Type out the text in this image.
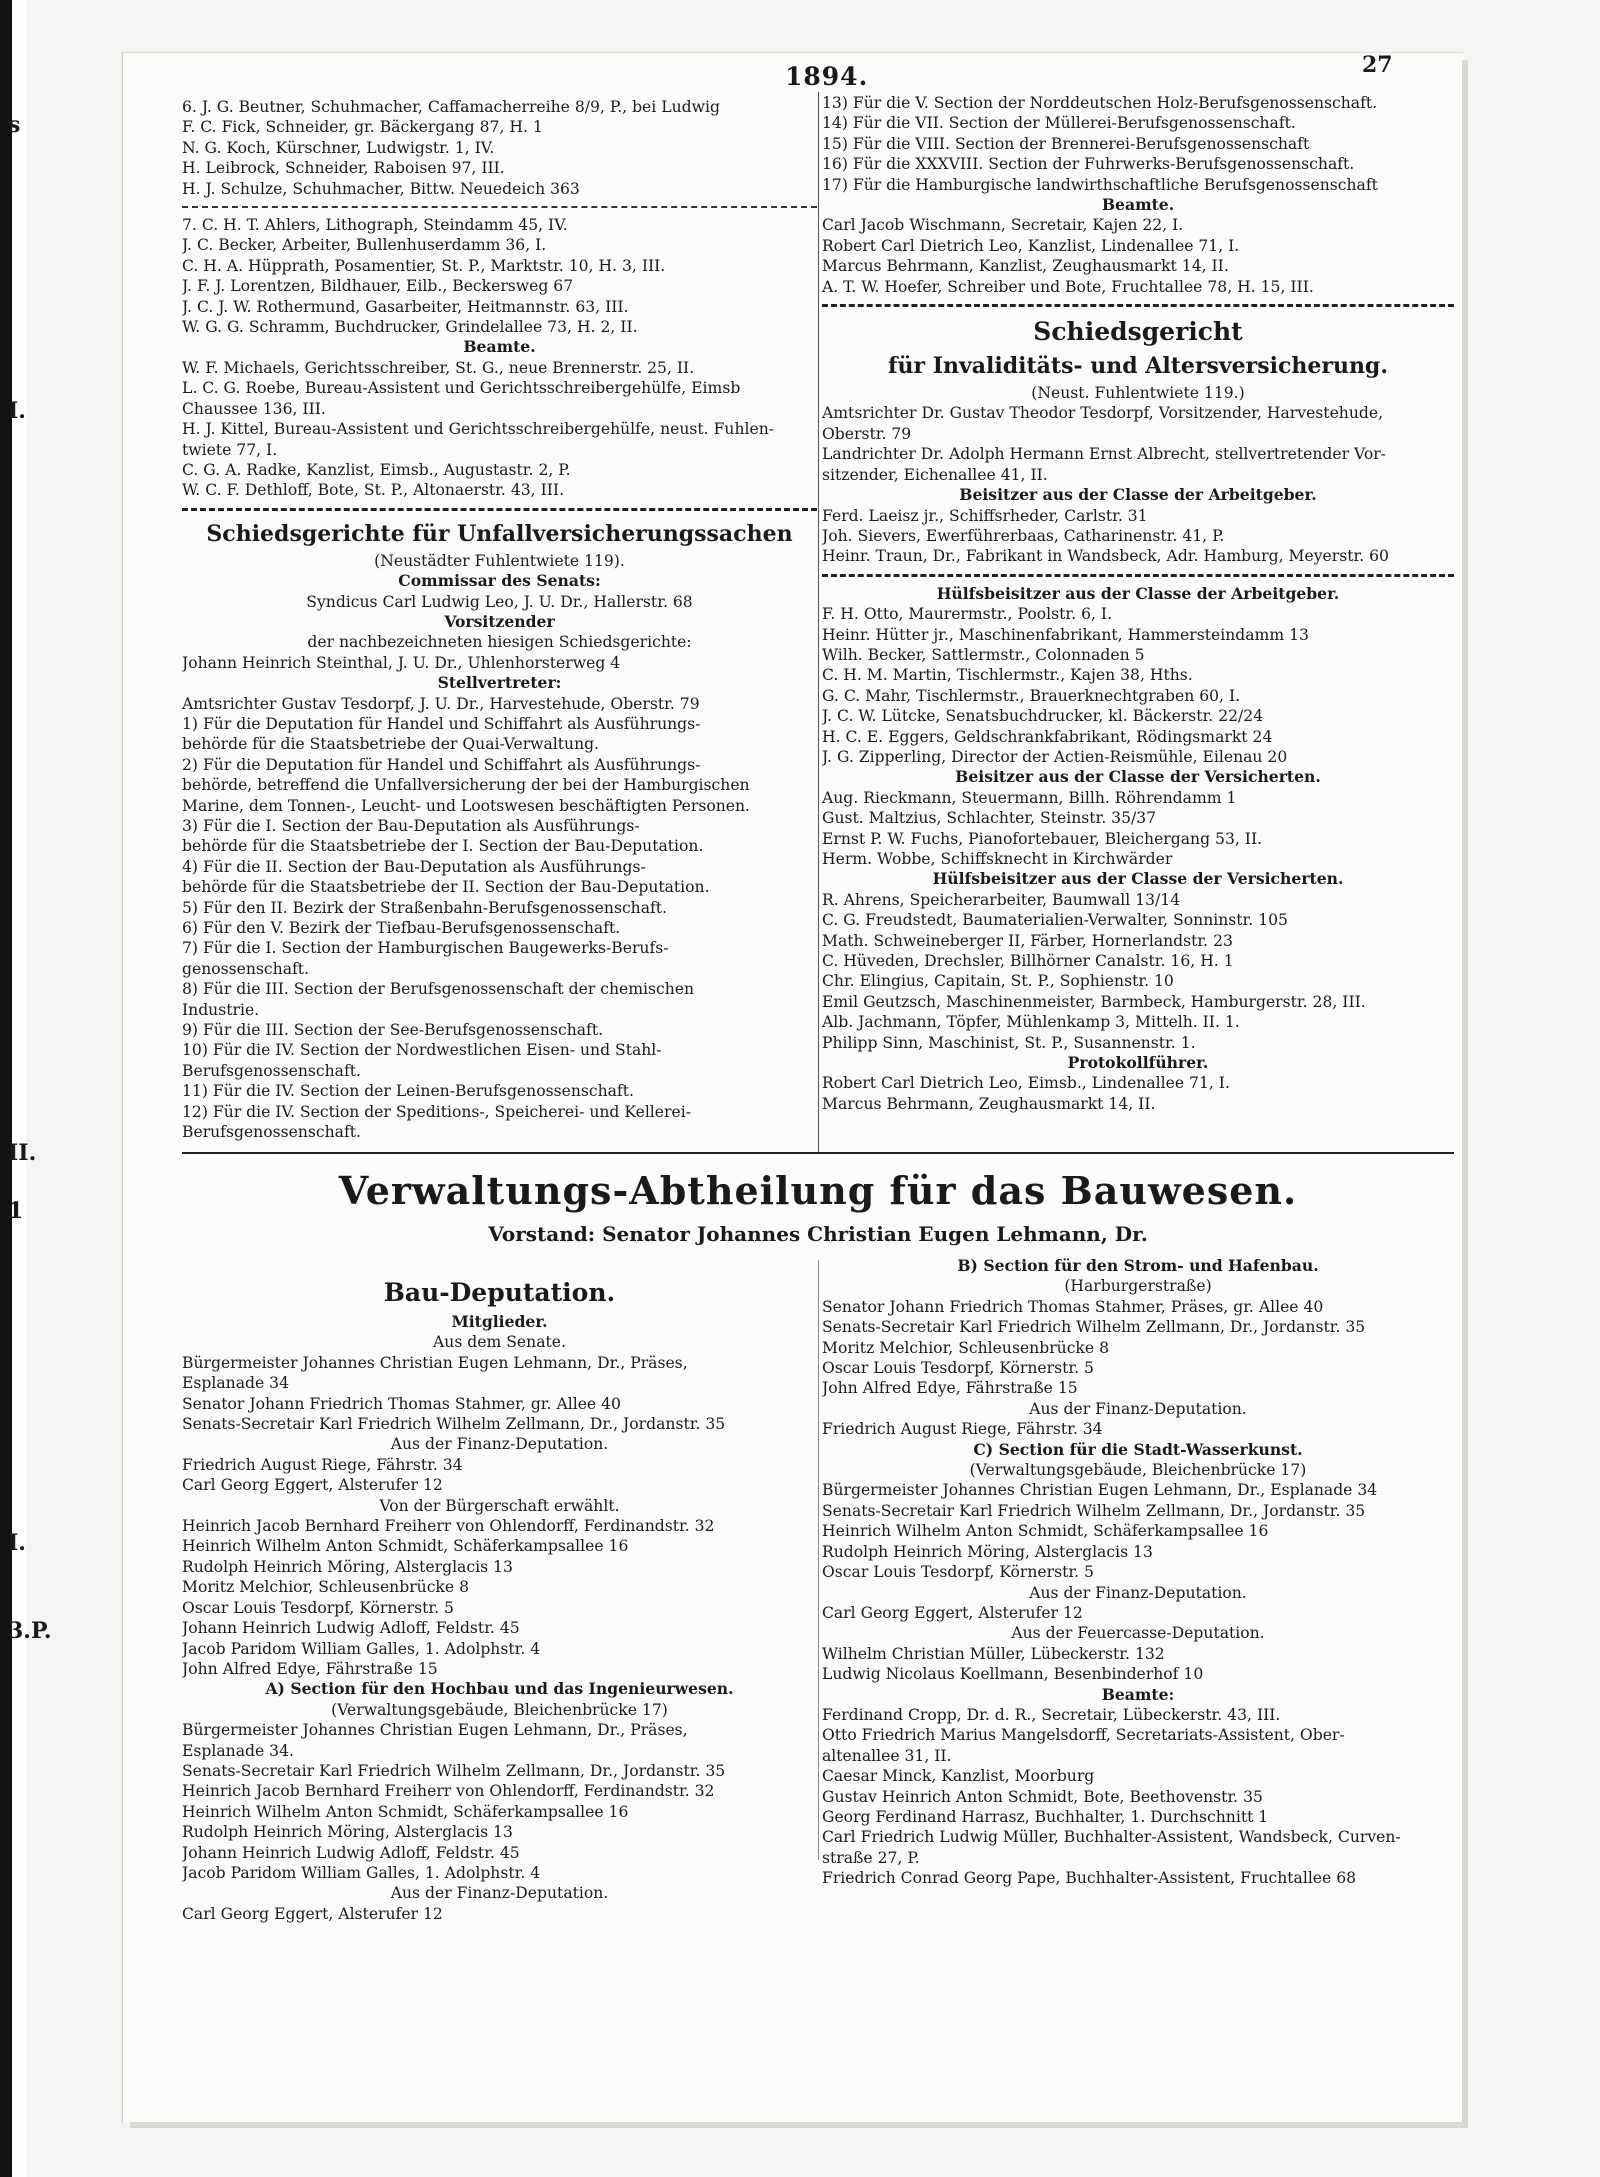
s
I.
II.
1
I.
3.P.
1894.	27
6. J. G. Beutner, Schuhmacher, Caffamacherreihe 8/9, P., bei Ludwig
F. C. Fick, Schneider, gr. Bäckergang 87, H. 1
N. G. Koch, Kürschner, Ludwigstr. 1, IV.
H. Leibrock, Schneider, Raboisen 97, III.
H. J. Schulze, Schuhmacher, Bittw. Neuedeich 363
7. C. H. T. Ahlers, Lithograph, Steindamm 45, IV.
J. C. Becker, Arbeiter, Bullenhuserdamm 36, I.
C. H. A. Hüpprath, Posamentier, St. P., Marktstr. 10, H. 3, III.
J. F. J. Lorentzen, Bildhauer, Eilb., Beckersweg 67
J. C. J. W. Rothermund, Gasarbeiter, Heitmannstr. 63, III.
W. G. G. Schramm, Buchdrucker, Grindelallee 73, H. 2, II.
Beamte.
W. F. Michaels, Gerichtsschreiber, St. G., neue Brennerstr. 25, II.
L. C. G. Roebe, Bureau-Assistent und Gerichtsschreibergehülfe, Eimsb
Chaussee 136, III.
H. J. Kittel, Bureau-Assistent und Gerichtsschreibergehülfe, neust. Fuhlen-
twiete 77, I.
C. G. A. Radke, Kanzlist, Eimsb., Augustastr. 2, P.
W. C. F. Dethloff, Bote, St. P., Altonaerstr. 43, III.
Schiedsgerichte für Unfallversicherungssachen
(Neustädter Fuhlentwiete 119).
Commissar des Senats:
Syndicus Carl Ludwig Leo, J. U. Dr., Hallerstr. 68
Vorsitzender
der nachbezeichneten hiesigen Schiedsgerichte:
Johann Heinrich Steinthal, J. U. Dr., Uhlenhorsterweg 4
Stellvertreter:
Amtsrichter Gustav Tesdorpf, J. U. Dr., Harvestehude, Oberstr. 79
1) Für die Deputation für Handel und Schiffahrt als Ausführungs-
behörde für die Staatsbetriebe der Quai-Verwaltung.
2) Für die Deputation für Handel und Schiffahrt als Ausführungs-
behörde, betreffend die Unfallversicherung der bei der Hamburgischen
Marine, dem Tonnen-, Leucht- und Lootswesen beschäftigten Personen.
3) Für die I. Section der Bau-Deputation als Ausführungs-
behörde für die Staatsbetriebe der I. Section der Bau-Deputation.
4) Für die II. Section der Bau-Deputation als Ausführungs-
behörde für die Staatsbetriebe der II. Section der Bau-Deputation.
5) Für den II. Bezirk der Straßenbahn-Berufsgenossenschaft.
6) Für den V. Bezirk der Tiefbau-Berufsgenossenschaft.
7) Für die I. Section der Hamburgischen Baugewerks-Berufs-
genossenschaft.
8) Für die III. Section der Berufsgenossenschaft der chemischen
Industrie.
9) Für die III. Section der See-Berufsgenossenschaft.
10) Für die IV. Section der Nordwestlichen Eisen- und Stahl-
Berufsgenossenschaft.
11) Für die IV. Section der Leinen-Berufsgenossenschaft.
12) Für die IV. Section der Speditions-, Speicherei- und Kellerei-
Berufsgenossenschaft.
13) Für die V. Section der Norddeutschen Holz-Berufsgenossenschaft.
14) Für die VII. Section der Müllerei-Berufsgenossenschaft.
15) Für die VIII. Section der Brennerei-Berufsgenossenschaft
16) Für die XXXVIII. Section der Fuhrwerks-Berufsgenossenschaft.
17) Für die Hamburgische landwirthschaftliche Berufsgenossenschaft
Beamte.
Carl Jacob Wischmann, Secretair, Kajen 22, I.
Robert Carl Dietrich Leo, Kanzlist, Lindenallee 71, I.
Marcus Behrmann, Kanzlist, Zeughausmarkt 14, II.
A. T. W. Hoefer, Schreiber und Bote, Fruchtallee 78, H. 15, III.
Schiedsgericht
für Invaliditäts- und Altersversicherung.
(Neust. Fuhlentwiete 119.)
Amtsrichter Dr. Gustav Theodor Tesdorpf, Vorsitzender, Harvestehude,
Oberstr. 79
Landrichter Dr. Adolph Hermann Ernst Albrecht, stellvertretender Vor-
sitzender, Eichenallee 41, II.
Beisitzer aus der Classe der Arbeitgeber.
Ferd. Laeisz jr., Schiffsrheder, Carlstr. 31
Joh. Sievers, Ewerführerbaas, Catharinenstr. 41, P.
Heinr. Traun, Dr., Fabrikant in Wandsbeck, Adr. Hamburg, Meyerstr. 60
Hülfsbeisitzer aus der Classe der Arbeitgeber.
F. H. Otto, Maurermstr., Poolstr. 6, I.
Heinr. Hütter jr., Maschinenfabrikant, Hammersteindamm 13
Wilh. Becker, Sattlermstr., Colonnaden 5
C. H. M. Martin, Tischlermstr., Kajen 38, Hths.
G. C. Mahr, Tischlermstr., Brauerknechtgraben 60, I.
J. C. W. Lütcke, Senatsbuchdrucker, kl. Bäckerstr. 22/24
H. C. E. Eggers, Geldschrankfabrikant, Rödingsmarkt 24
J. G. Zipperling, Director der Actien-Reismühle, Eilenau 20
Beisitzer aus der Classe der Versicherten.
Aug. Rieckmann, Steuermann, Billh. Röhrendamm 1
Gust. Maltzius, Schlachter, Steinstr. 35/37
Ernst P. W. Fuchs, Pianofortebauer, Bleichergang 53, II.
Herm. Wobbe, Schiffsknecht in Kirchwärder
Hülfsbeisitzer aus der Classe der Versicherten.
R. Ahrens, Speicherarbeiter, Baumwall 13/14
C. G. Freudstedt, Baumaterialien-Verwalter, Sonninstr. 105
Math. Schweineberger II, Färber, Hornerlandstr. 23
C. Hüveden, Drechsler, Billhörner Canalstr. 16, H. 1
Chr. Elingius, Capitain, St. P., Sophienstr. 10
Emil Geutzsch, Maschinenmeister, Barmbeck, Hamburgerstr. 28, III.
Alb. Jachmann, Töpfer, Mühlenkamp 3, Mittelh. II. 1.
Philipp Sinn, Maschinist, St. P., Susannenstr. 1.
Protokollführer.
Robert Carl Dietrich Leo, Eimsb., Lindenallee 71, I.
Marcus Behrmann, Zeughausmarkt 14, II.
Verwaltungs-Abtheilung für das Bauwesen.
Vorstand: Senator Johannes Christian Eugen Lehmann, Dr.
Bau-Deputation.
Mitglieder.
Aus dem Senate.
Bürgermeister Johannes Christian Eugen Lehmann, Dr., Präses,
Esplanade 34
Senator Johann Friedrich Thomas Stahmer, gr. Allee 40
Senats-Secretair Karl Friedrich Wilhelm Zellmann, Dr., Jordanstr. 35
Aus der Finanz-Deputation.
Friedrich August Riege, Fährstr. 34
Carl Georg Eggert, Alsterufer 12
Von der Bürgerschaft erwählt.
Heinrich Jacob Bernhard Freiherr von Ohlendorff, Ferdinandstr. 32
Heinrich Wilhelm Anton Schmidt, Schäferkampsallee 16
Rudolph Heinrich Möring, Alsterglacis 13
Moritz Melchior, Schleusenbrücke 8
Oscar Louis Tesdorpf, Körnerstr. 5
Johann Heinrich Ludwig Adloff, Feldstr. 45
Jacob Paridom William Galles, 1. Adolphstr. 4
John Alfred Edye, Fährstraße 15
A) Section für den Hochbau und das Ingenieurwesen.
(Verwaltungsgebäude, Bleichenbrücke 17)
Bürgermeister Johannes Christian Eugen Lehmann, Dr., Präses,
Esplanade 34.
Senats-Secretair Karl Friedrich Wilhelm Zellmann, Dr., Jordanstr. 35
Heinrich Jacob Bernhard Freiherr von Ohlendorff, Ferdinandstr. 32
Heinrich Wilhelm Anton Schmidt, Schäferkampsallee 16
Rudolph Heinrich Möring, Alsterglacis 13
Johann Heinrich Ludwig Adloff, Feldstr. 45
Jacob Paridom William Galles, 1. Adolphstr. 4
Aus der Finanz-Deputation.
Carl Georg Eggert, Alsterufer 12
B) Section für den Strom- und Hafenbau.
(Harburgerstraße)
Senator Johann Friedrich Thomas Stahmer, Präses, gr. Allee 40
Senats-Secretair Karl Friedrich Wilhelm Zellmann, Dr., Jordanstr. 35
Moritz Melchior, Schleusenbrücke 8
Oscar Louis Tesdorpf, Körnerstr. 5
John Alfred Edye, Fährstraße 15
Aus der Finanz-Deputation.
Friedrich August Riege, Fährstr. 34
C) Section für die Stadt-Wasserkunst.
(Verwaltungsgebäude, Bleichenbrücke 17)
Bürgermeister Johannes Christian Eugen Lehmann, Dr., Esplanade 34
Senats-Secretair Karl Friedrich Wilhelm Zellmann, Dr., Jordanstr. 35
Heinrich Wilhelm Anton Schmidt, Schäferkampsallee 16
Rudolph Heinrich Möring, Alsterglacis 13
Oscar Louis Tesdorpf, Körnerstr. 5
Aus der Finanz-Deputation.
Carl Georg Eggert, Alsterufer 12
Aus der Feuercasse-Deputation.
Wilhelm Christian Müller, Lübeckerstr. 132
Ludwig Nicolaus Koellmann, Besenbinderhof 10
Beamte:
Ferdinand Cropp, Dr. d. R., Secretair, Lübeckerstr. 43, III.
Otto Friedrich Marius Mangelsdorff, Secretariats-Assistent, Ober-
altenallee 31, II.
Caesar Minck, Kanzlist, Moorburg
Gustav Heinrich Anton Schmidt, Bote, Beethovenstr. 35
Georg Ferdinand Harrasz, Buchhalter, 1. Durchschnitt 1
Carl Friedrich Ludwig Müller, Buchhalter-Assistent, Wandsbeck, Curven-
straße 27, P.
Friedrich Conrad Georg Pape, Buchhalter-Assistent, Fruchtallee 68
